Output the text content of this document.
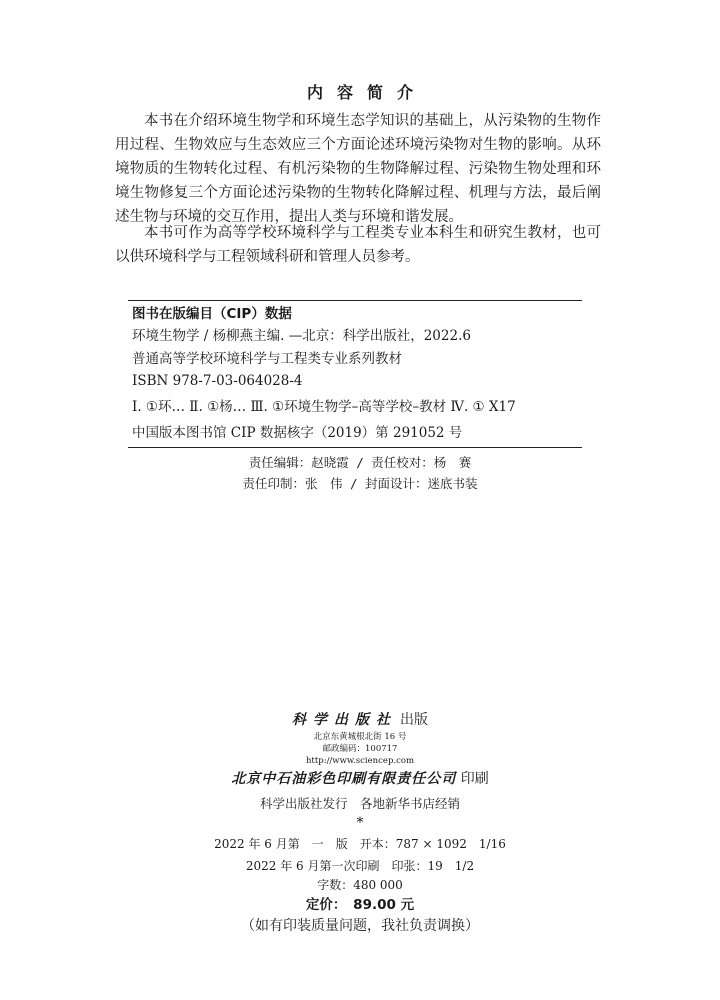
内容简介

本书在介绍环境生物学和环境生态学知识的基础上，从污染物的生物作用过程、生物效应与生态效应三个方面论述环境污染物对生物的影响。从环境物质的生物转化过程、有机污染物的生物降解过程、污染物生物处理和环境生物修复三个方面论述污染物的生物转化降解过程、机理与方法，最后阐述生物与环境的交互作用，提出人类与环境和谐发展。

本书可作为高等学校环境科学与工程类专业本科生和研究生教材，也可以供环境科学与工程领域科研和管理人员参考。

图书在版编目（CIP）数据
环境生物学 / 杨柳燕主编. —北京：科学出版社，2022.6
普通高等学校环境科学与工程类专业系列教材
ISBN 978-7-03-064028-4
Ⅰ. ①环… Ⅱ. ①杨… Ⅲ. ①环境生物学–高等学校–教材 Ⅳ. ① X17
中国版本图书馆 CIP 数据核字（2019）第 291052 号
责任编辑：赵晓霞 / 责任校对：杨　赛
责任印制：张　伟 / 封面设计：迷底书装
科学出版社 出版
北京东黄城根北街 16 号
邮政编码：100717
http://www.sciencep.com
北京中石油彩色印刷有限责任公司 印刷
科学出版社发行　各地新华书店经销
*
2022 年 6 月第　一　版　开本：787 × 1092　1/16
2022 年 6 月第一次印刷　印张：19　1/2
字数：480 000
定价：　89.00 元
（如有印装质量问题，我社负责调换）
